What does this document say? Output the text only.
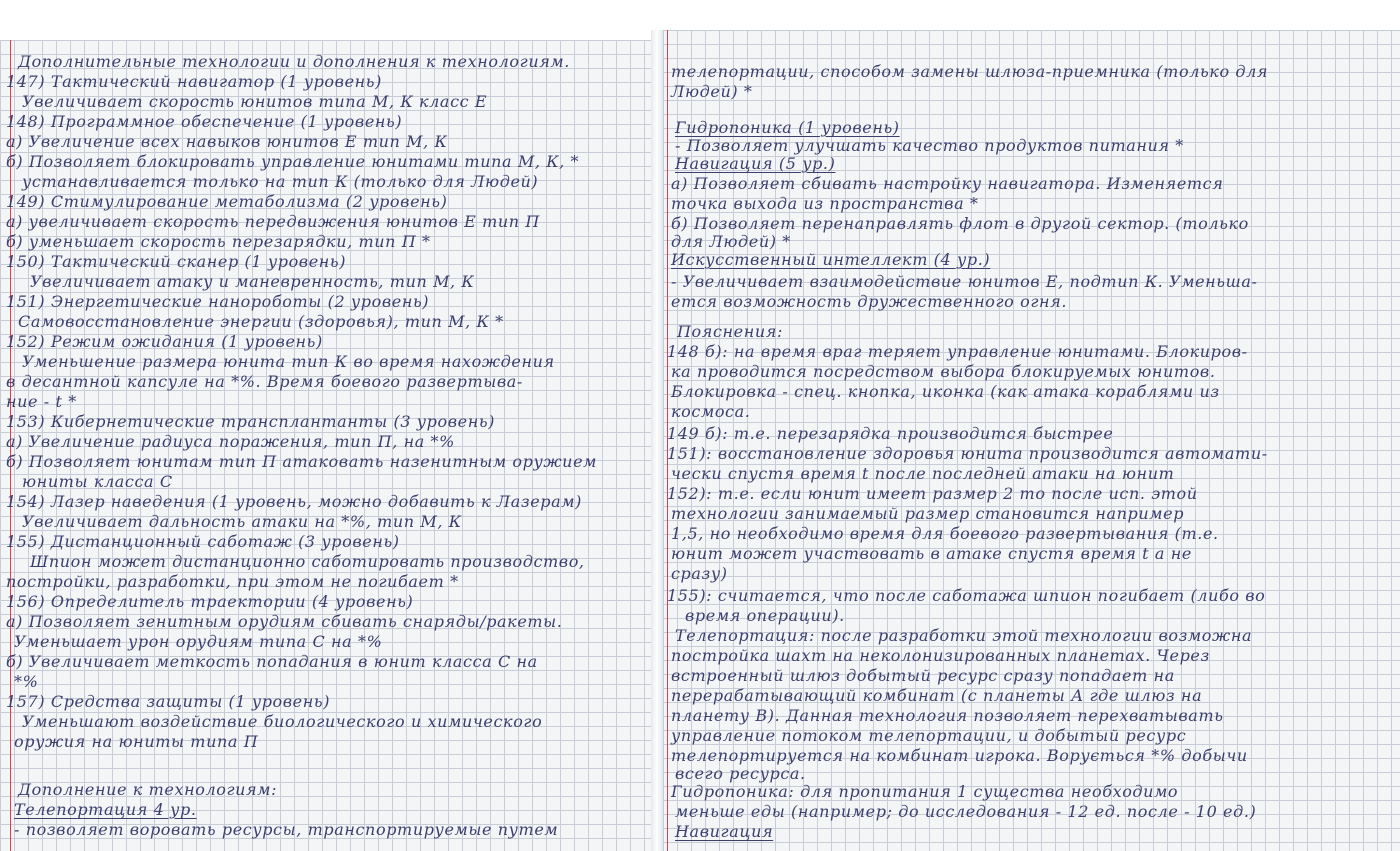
Дополнительные технологии и дополнения к технологиям.
147) Тактический навигатор (1 уровень)
Увеличивает скорость юнитов типа М, К класс Е
148) Программное обеспечение (1 уровень)
а) Увеличение всех навыков юнитов Е тип М, К
б) Позволяет блокировать управление юнитами типа М, К, *
устанавливается только на тип К (только для Людей)
149) Стимулирование метаболизма (2 уровень)
а) увеличивает скорость передвижения юнитов Е тип П
б) уменьшает скорость перезарядки, тип П *
150) Тактический сканер (1 уровень)
Увеличивает атаку и маневренность, тип М, К
151) Энергетические нанороботы (2 уровень)
Самовосстановление энергии (здоровья), тип М, К *
152) Режим ожидания (1 уровень)
Уменьшение размера юнита тип К во время нахождения
в десантной капсуле на *%. Время боевого развертыва-
ние - t *
153) Кибернетические трансплантанты (3 уровень)
а) Увеличение радиуса поражения, тип П, на *%
б) Позволяет юнитам тип П атаковать назенитным оружием
юниты класса С
154) Лазер наведения (1 уровень, можно добавить к Лазерам)
Увеличивает дальность атаки на *%, тип М, К
155) Дистанционный саботаж (3 уровень)
Шпион может дистанционно саботировать производство,
постройки, разработки, при этом не погибает *
156) Определитель траектории (4 уровень)
а) Позволяет зенитным орудиям сбивать снаряды/ракеты.
Уменьшает урон орудиям типа С на *%
б) Увеличивает меткость попадания в юнит класса С на
*%
157) Средства защиты (1 уровень)
Уменьшают воздействие биологического и химического
оружия на юниты типа П
Дополнение к технологиям:
Телепортация 4 ур.
- позволяет воровать ресурсы, транспортируемые путем
телепортации, способом замены шлюза-приемника (только для
Людей) *
Гидропоника (1 уровень)
- Позволяет улучшать качество продуктов питания *
Навигация (5 ур.)
а) Позволяет сбивать настройку навигатора. Изменяется
точка выхода из пространства *
б) Позволяет перенаправлять флот в другой сектор. (только
для Людей) *
Искусственный интеллект (4 ур.)
- Увеличивает взаимодействие юнитов Е, подтип К. Уменьша-
ется возможность дружественного огня.
Пояснения:
148 б): на время враг теряет управление юнитами. Блокиров-
ка проводится посредством выбора блокируемых юнитов.
Блокировка - спец. кнопка, иконка (как атака кораблями из
космоса.
149 б): т.е. перезарядка производится быстрее
151): восстановление здоровья юнита производится автомати-
чески спустя время t после последней атаки на юнит
152): т.е. если юнит имеет размер 2 то после исп. этой
технологии занимаемый размер становится например
1,5, но необходимо время для боевого развертывания (т.е.
юнит может участвовать в атаке спустя время t а не
сразу)
155): считается, что после саботажа шпион погибает (либо во
время операции).
Телепортация: после разработки этой технологии возможна
постройка шахт на неколонизированных планетах. Через
встроенный шлюз добытый ресурс сразу попадает на
перерабатывающий комбинат (с планеты А где шлюз на
планету В). Данная технология позволяет перехватывать
управление потоком телепортации, и добытый ресурс
телепортируется на комбинат игрока. Ворується *% добычи
всего ресурса.
Гидропоника: для пропитания 1 существа необходимо
меньше еды (например; до исследования - 12 ед. после - 10 ед.)
Навигация
